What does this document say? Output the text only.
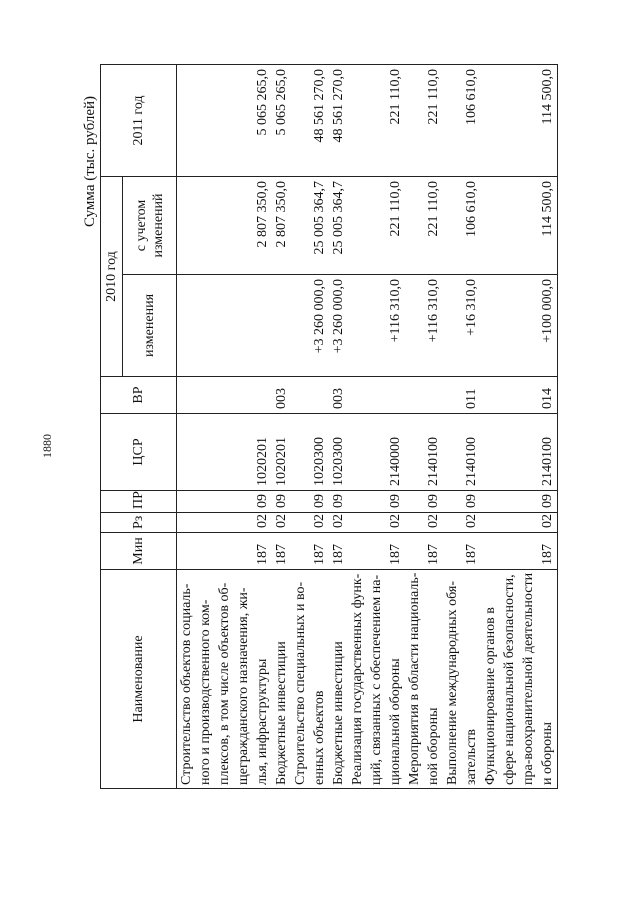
1880
Сумма (тыс. рублей)
Наименование	Мин	Рз	ПР	ЦСР	ВР	2010 год		2011 год
						изменения	с учетом изменений	
Строительство объектов социаль-ного и производственного ком-плексов, в том числе объектов об-щегражданского назначения, жи-лья, инфраструктуры	187	02	09	1020201			2 807 350,0	5 065 265,0
Бюджетные инвестиции	187	02	09	1020201	003		2 807 350,0	5 065 265,0
Строительство специальных и во-енных объектов	187	02	09	1020300		+3 260 000,0	25 005 364,7	48 561 270,0
Бюджетные инвестиции	187	02	09	1020300	003	+3 260 000,0	25 005 364,7	48 561 270,0
Реализация государственных функ-ций, связанных с обеспечением на-циональной обороны	187	02	09	2140000		+116 310,0	221 110,0	221 110,0
Мероприятия в области националь-ной обороны	187	02	09	2140100		+116 310,0	221 110,0	221 110,0
Выполнение международных обя-зательств	187	02	09	2140100	011	+16 310,0	106 610,0	106 610,0
Функционирование органов в сфере национальной безопасности, пра-воохранительной деятельности и обороны	187	02	09	2140100	014	+100 000,0	114 500,0	114 500,0
